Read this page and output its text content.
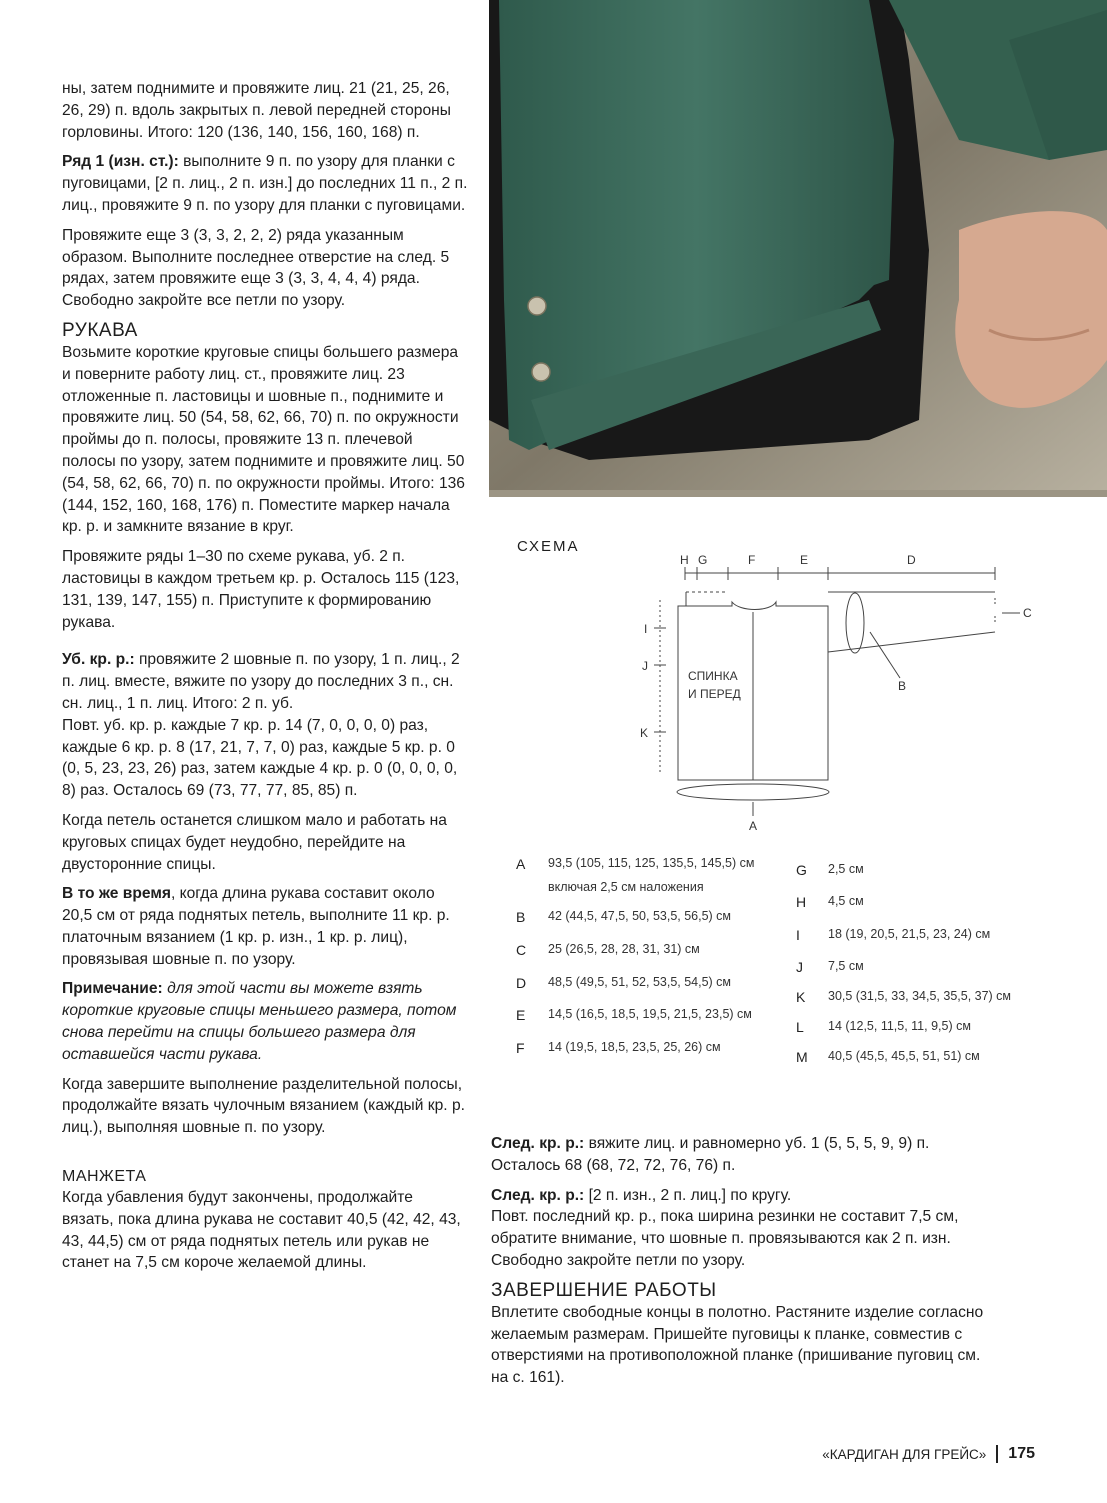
ны, затем поднимите и провяжите лиц. 21 (21, 25, 26, 26, 29) п. вдоль закрытых п. левой передней стороны горловины. Итого: 120 (136, 140, 156, 160, 168) п.

Ряд 1 (изн. ст.): выполните 9 п. по узору для планки с пуговицами, [2 п. лиц., 2 п. изн.] до последних 11 п., 2 п. лиц., провяжите 9 п. по узору для планки с пуговицами.

Провяжите еще 3 (3, 3, 2, 2, 2) ряда указанным образом. Выполните последнее отверстие на след. 5 рядах, затем провяжите еще 3 (3, 3, 4, 4, 4) ряда. Свободно закройте все петли по узору.

РУКАВА

Возьмите короткие круговые спицы большего размера и поверните работу лиц. ст., провяжите лиц. 23 отложенные п. ластовицы и шовные п., поднимите и провяжите лиц. 50 (54, 58, 62, 66, 70) п. по окружности проймы до п. полосы, провяжите 13 п. плечевой полосы по узору, затем поднимите и провяжите лиц. 50 (54, 58, 62, 66, 70) п. по окружности проймы. Итого: 136 (144, 152, 160, 168, 176) п. Поместите маркер начала кр. р. и замкните вязание в круг.

Провяжите ряды 1–30 по схеме рукава, уб. 2 п. ластовицы в каждом третьем кр. р. Осталось 115 (123, 131, 139, 147, 155) п. Приступите к формированию рукава.

Уб. кр. р.: провяжите 2 шовные п. по узору, 1 п. лиц., 2 п. лиц. вместе, вяжите по узору до последних 3 п., сн. сн. лиц., 1 п. лиц. Итого: 2 п. уб.

Повт. уб. кр. р. каждые 7 кр. р. 14 (7, 0, 0, 0, 0) раз, каждые 6 кр. р. 8 (17, 21, 7, 7, 0) раз, каждые 5 кр. р. 0 (0, 5, 23, 23, 26) раз, затем каждые 4 кр. р. 0 (0, 0, 0, 0, 8) раз. Осталось 69 (73, 77, 77, 85, 85) п.

Когда петель останется слишком мало и работать на круговых спицах будет неудобно, перейдите на двусторонние спицы.

В то же время, когда длина рукава составит около 20,5 см от ряда поднятых петель, выполните 11 кр. р. платочным вязанием (1 кр. р. изн., 1 кр. р. лиц), провязывая шовные п. по узору.

Примечание: для этой части вы можете взять короткие круговые спицы меньшего размера, потом снова перейти на спицы большего размера для оставшейся части рукава.

Когда завершите выполнение разделительной полосы, продолжайте вязать чулочным вязанием (каждый кр. р. лиц.), выполняя шовные п. по узору.

МАНЖЕТА

Когда убавления будут закончены, продолжайте вязать, пока длина рукава не составит 40,5 (42, 42, 43, 43, 44,5) см от ряда поднятых петель или рукав не станет на 7,5 см короче желаемой длины.

СХЕМА
H G	F	E	D
C
B
A
I
J
K
СПИНКА
И ПЕРЕД
A 93,5 (105, 115, 125, 135,5, 145,5) см
включая 2,5 см наложения
B 42 (44,5, 47,5, 50, 53,5, 56,5) см
C 25 (26,5, 28, 28, 31, 31) см
D 48,5 (49,5, 51, 52, 53,5, 54,5) см
E 14,5 (16,5, 18,5, 19,5, 21,5, 23,5) см
F 14 (19,5, 18,5, 23,5, 25, 26) см
G 2,5 см
H 4,5 см
I 18 (19, 20,5, 21,5, 23, 24) см
J 7,5 см
K 30,5 (31,5, 33, 34,5, 35,5, 37) см
L 14 (12,5, 11,5, 11, 9,5) см
M 40,5 (45,5, 45,5, 51, 51) см

След. кр. р.: вяжите лиц. и равномерно уб. 1 (5, 5, 5, 9, 9) п. Осталось 68 (68, 72, 72, 76, 76) п.

След. кр. р.: [2 п. изн., 2 п. лиц.] по кругу.

Повт. последний кр. р., пока ширина резинки не составит 7,5 см, обратите внимание, что шовные п. провязываются как 2 п. изн. Свободно закройте петли по узору.

ЗАВЕРШЕНИЕ РАБОТЫ

Вплетите свободные концы в полотно. Растяните изделие согласно желаемым размерам. Пришейте пуговицы к планке, совместив с отверстиями на противоположной планке (пришивание пуговиц см. на с. 161).

«КАРДИГАН ДЛЯ ГРЕЙС» 175
